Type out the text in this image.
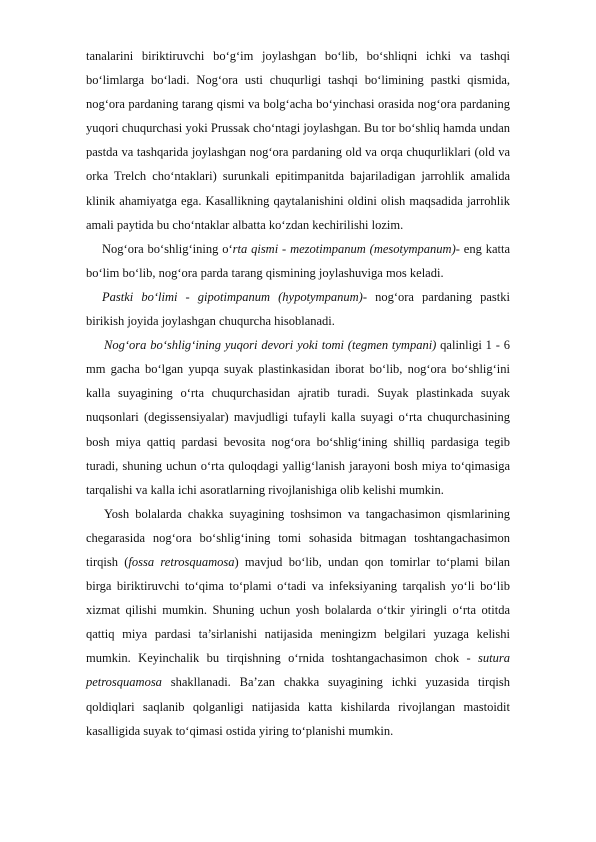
tanalarini biriktiruvchi bo‘g‘im joylashgan bo‘lib, bo‘shliqni ichki va tashqi bo‘limlarga bo‘ladi. Nog‘ora usti chuqurligi tashqi bo‘limining pastki qismida, nog‘ora pardaning tarang qismi va bolg‘acha bo‘yinchasi orasida nog‘ora pardaning yuqori chuqurchasi yoki Prussak cho‘ntagi joylashgan. Bu tor bo‘shliq hamda undan pastda va tashqarida joylashgan nog‘ora pardaning old va orqa chuqurliklari (old va orka Trelch cho‘ntaklari) surunkali epitimpanitda bajariladigan jarrohlik amalida klinik ahamiyatga ega. Kasallikning qaytalanishini oldini olish maqsadida jarrohlik amali paytida bu cho‘ntaklar albatta ko‘zdan kechirilishi lozim.

Nog‘ora bo‘shlig‘ining o‘rta qismi - mezotimpanum (mesotympanum)- eng katta bo‘lim bo‘lib, nog‘ora parda tarang qismining joylashuviga mos keladi.

Pastki bo‘limi - gipotimpanum (hypotympanum)- nog‘ora pardaning pastki birikish joyida joylashgan chuqurcha hisoblanadi.

Nog‘ora bo‘shlig‘ining yuqori devori yoki tomi (tegmen tympani) qalinligi 1 - 6 mm gacha bo‘lgan yupqa suyak plastinkasidan iborat bo‘lib, nog‘ora bo‘shlig‘ini kalla suyagining o‘rta chuqurchasidan ajratib turadi. Suyak plastinkada suyak nuqsonlari (degissensiyalar) mavjudligi tufayli kalla suyagi o‘rta chuqurchasining bosh miya qattiq pardasi bevosita nog‘ora bo‘shlig‘ining shilliq pardasiga tegib turadi, shuning uchun o‘rta quloqdagi yallig‘lanish jarayoni bosh miya to‘qimasiga tarqalishi va kalla ichi asoratlarning rivojlanishiga olib kelishi mumkin.

Yosh bolalarda chakka suyagining toshsimon va tangachasimon qismlarining chegarasida nog‘ora bo‘shlig‘ining tomi sohasida bitmagan toshtangachasimon tirqish (fossa retrosquamosa) mavjud bo‘lib, undan qon tomirlar to‘plami bilan birga biriktiruvchi to‘qima to‘plami o‘tadi va infeksiyaning tarqalish yo‘li bo‘lib xizmat qilishi mumkin. Shuning uchun yosh bolalarda o‘tkir yiringli o‘rta otitda qattiq miya pardasi ta’sirlanishi natijasida meningizm belgilari yuzaga kelishi mumkin. Keyinchalik bu tirqishning o‘rnida toshtangachasimon chok - sutura petrosquamosa shakllanadi. Ba’zan chakka suyagining ichki yuzasida tirqish qoldiqlari saqlanib qolganligi natijasida katta kishilarda rivojlangan mastoidit kasalligida suyak to‘qimasi ostida yiring to‘planishi mumkin.
